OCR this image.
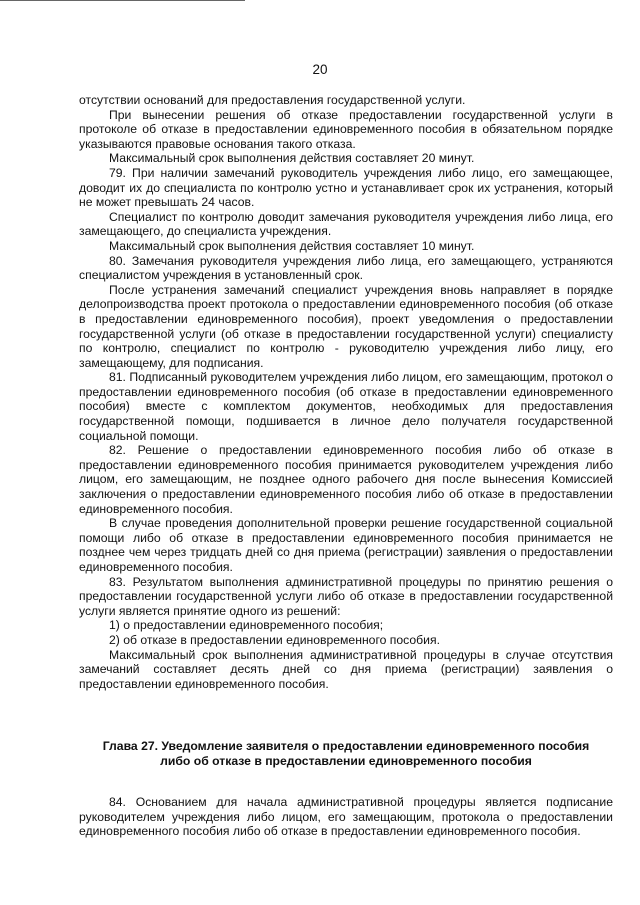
20

отсутствии оснований для предоставления государственной услуги.

При вынесении решения об отказе предоставлении государственной услуги в протоколе об отказе в предоставлении единовременного пособия в обязательном порядке указываются правовые основания такого отказа.

Максимальный срок выполнения действия составляет 20 минут.

79. При наличии замечаний руководитель учреждения либо лицо, его замещающее, доводит их до специалиста по контролю устно и устанавливает срок их устранения, который не может превышать 24 часов.

Специалист по контролю доводит замечания руководителя учреждения либо лица, его замещающего, до специалиста учреждения.

Максимальный срок выполнения действия составляет 10 минут.

80. Замечания руководителя учреждения либо лица, его замещающего, устраняются специалистом учреждения в установленный срок.

После устранения замечаний специалист учреждения вновь направляет в порядке делопроизводства проект протокола о предоставлении единовременного пособия (об отказе в предоставлении единовременного пособия), проект уведомления о предоставлении государственной услуги (об отказе в предоставлении государственной услуги) специалисту по контролю, специалист по контролю - руководителю учреждения либо лицу, его замещающему, для подписания.

81. Подписанный руководителем учреждения либо лицом, его замещающим, протокол о предоставлении единовременного пособия (об отказе в предоставлении единовременного пособия) вместе с комплектом документов, необходимых для предоставления государственной помощи, подшивается в личное дело получателя государственной социальной помощи.

82. Решение о предоставлении единовременного пособия либо об отказе в предоставлении единовременного пособия принимается руководителем учреждения либо лицом, его замещающим, не позднее одного рабочего дня после вынесения Комиссией заключения о предоставлении единовременного пособия либо об отказе в предоставлении единовременного пособия.

В случае проведения дополнительной проверки решение государственной социальной помощи либо об отказе в предоставлении единовременного пособия принимается не позднее чем через тридцать дней со дня приема (регистрации) заявления о предоставлении единовременного пособия.

83. Результатом выполнения административной процедуры по принятию решения о предоставлении государственной услуги либо об отказе в предоставлении государственной услуги является принятие одного из решений:

1) о предоставлении единовременного пособия;

2) об отказе в предоставлении единовременного пособия.

Максимальный срок выполнения административной процедуры в случае отсутствия замечаний составляет десять дней со дня приема (регистрации) заявления о предоставлении единовременного пособия.

Глава 27. Уведомление заявителя о предоставлении единовременного пособия
либо об отказе в предоставлении единовременного пособия

84. Основанием для начала административной процедуры является подписание руководителем учреждения либо лицом, его замещающим, протокола о предоставлении единовременного пособия либо об отказе в предоставлении единовременного пособия.
